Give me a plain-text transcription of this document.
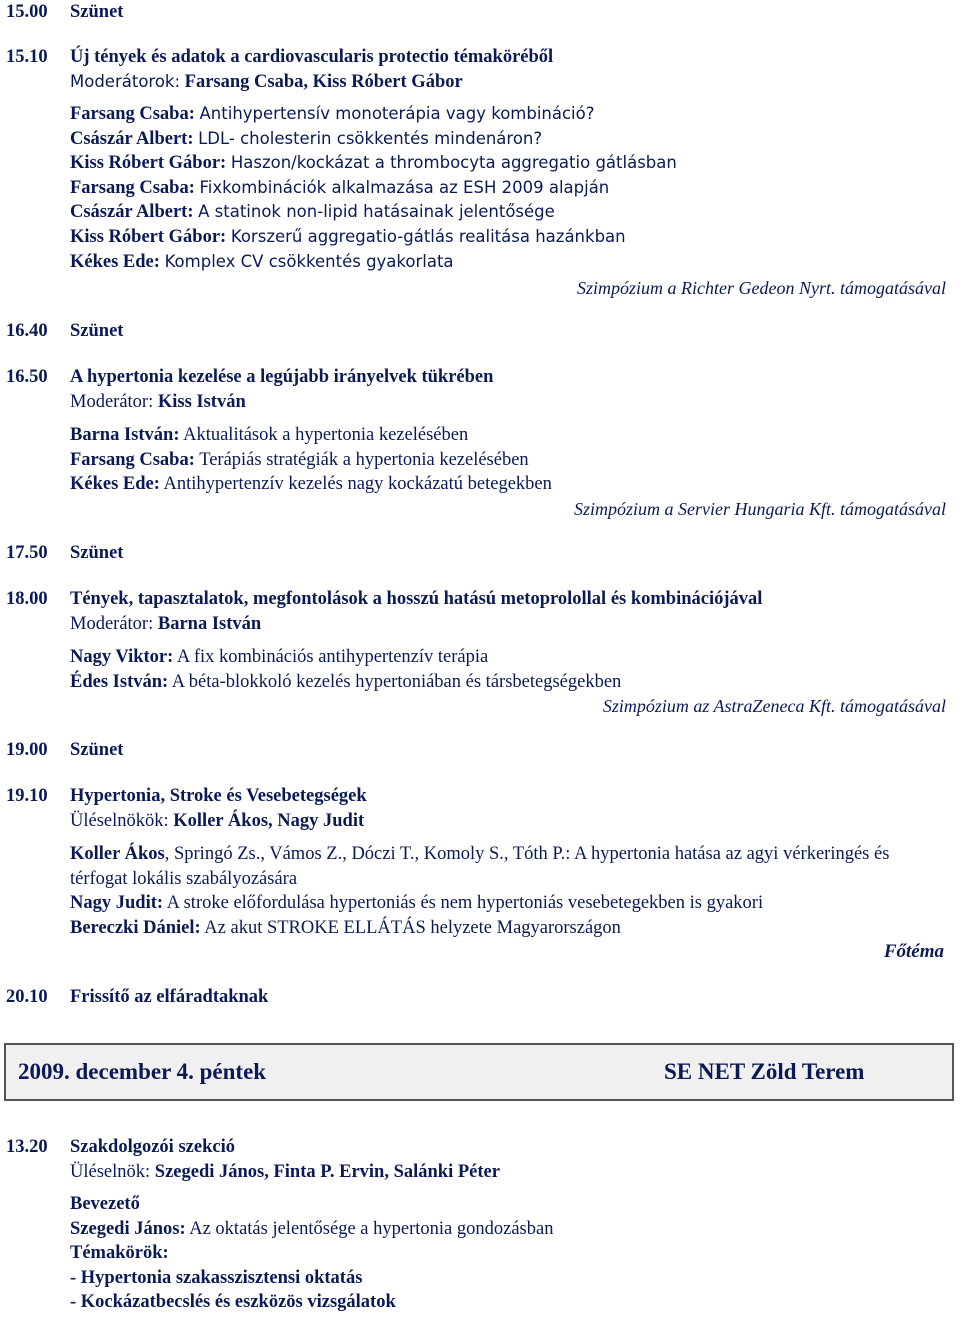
15.00 Szünet
15.10 Új tények és adatok a cardiovascularis protectio témaköréből
Moderátorok: Farsang Csaba, Kiss Róbert Gábor
Farsang Csaba: Antihypertensív monoterápia vagy kombináció?
Császár Albert: LDL- cholesterin csökkentés mindenáron?
Kiss Róbert Gábor: Haszon/kockázat a thrombocyta aggregatio gátlásban
Farsang Csaba: Fixkombinációk alkalmazása az ESH 2009 alapján
Császár Albert: A statinok non-lipid hatásainak jelentősége
Kiss Róbert Gábor: Korszerű aggregatio-gátlás realitása hazánkban
Kékes Ede: Komplex CV csökkentés gyakorlata
Szimpózium a Richter Gedeon Nyrt. támogatásával
16.40 Szünet
16.50 A hypertonia kezelése a legújabb irányelvek tükrében
Moderátor: Kiss István
Barna István: Aktualitások a hypertonia kezelésében
Farsang Csaba: Terápiás stratégiák a hypertonia kezelésében
Kékes Ede: Antihypertenzív kezelés nagy kockázatú betegekben
Szimpózium a Servier Hungaria Kft. támogatásával
17.50 Szünet
18.00 Tények, tapasztalatok, megfontolások a hosszú hatású metoprolollal és kombinációjával
Moderátor: Barna István
Nagy Viktor: A fix kombinációs antihypertenzív terápia
Édes István: A béta-blokkoló kezelés hypertoniában és társbetegségekben
Szimpózium az AstraZeneca Kft. támogatásával
19.00 Szünet
19.10 Hypertonia, Stroke és Vesebetegségek
Üléselnökök: Koller Ákos, Nagy Judit
Koller Ákos, Springó Zs., Vámos Z., Dóczi T., Komoly S., Tóth P.: A hypertonia hatása az agyi vérkeringés és térfogat lokális szabályozására
Nagy Judit: A stroke előfordulása hypertoniás és nem hypertoniás vesebetegekben is gyakori
Bereczki Dániel: Az akut STROKE ELLÁTÁS helyzete Magyarországon
Főtéma
20.10 Frissítő az elfáradtaknak
2009. december 4. péntek	SE NET Zöld Terem
13.20 Szakdolgozói szekció
Üléselnök: Szegedi János, Finta P. Ervin, Salánki Péter
Bevezető
Szegedi János: Az oktatás jelentősége a hypertonia gondozásban
Témakörök:
- Hypertonia szakasszisztensi oktatás
- Kockázatbecslés és eszközös vizsgálatok
